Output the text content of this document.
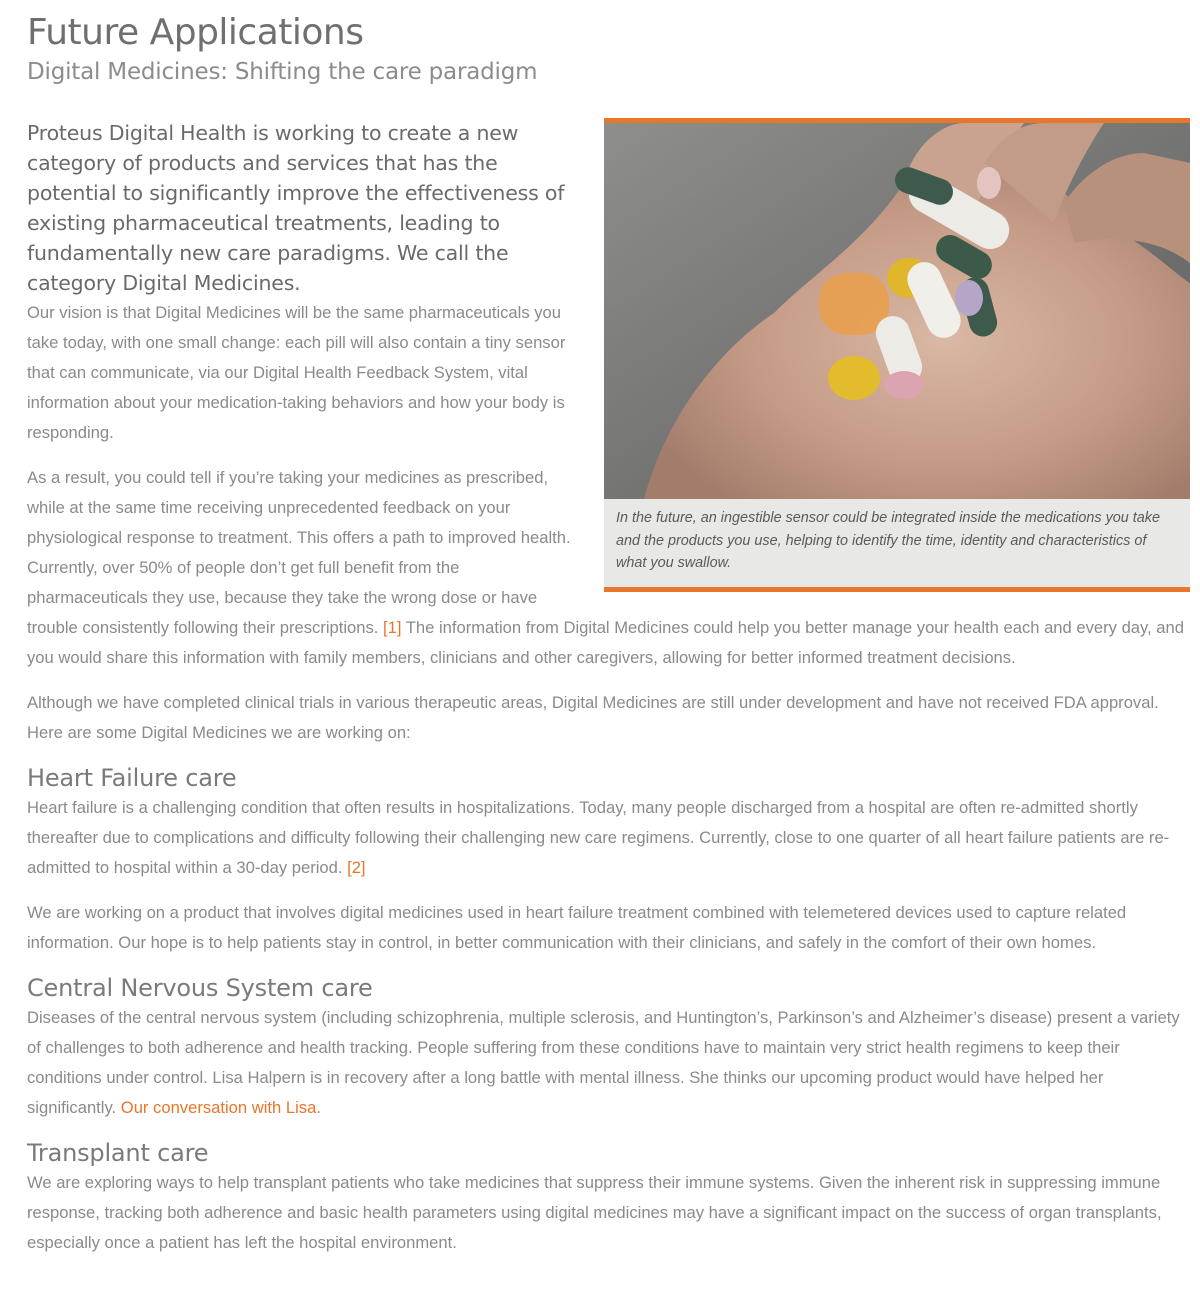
Future Applications
Digital Medicines: Shifting the care paradigm

In the future, an ingestible sensor could be integrated inside the medications you take and the products you use, helping to identify the time, identity and characteristics of what you swallow.

Proteus Digital Health is working to create a new category of products and services that has the potential to significantly improve the effectiveness of existing pharmaceutical treatments, leading to fundamentally new care paradigms. We call the category Digital Medicines.

Our vision is that Digital Medicines will be the same pharmaceuticals you take today, with one small change: each pill will also contain a tiny sensor that can communicate, via our Digital Health Feedback System, vital information about your medication-taking behaviors and how your body is responding.

As a result, you could tell if you’re taking your medicines as prescribed, while at the same time receiving unprecedented feedback on your physiological response to treatment. This offers a path to improved health. Currently, over 50% of people don’t get full benefit from the pharmaceuticals they use, because they take the wrong dose or have trouble consistently following their prescriptions. [1] The information from Digital Medicines could help you better manage your health each and every day, and you would share this information with family members, clinicians and other caregivers, allowing for better informed treatment decisions.

Although we have completed clinical trials in various therapeutic areas, Digital Medicines are still under development and have not received FDA approval. Here are some Digital Medicines we are working on:

Heart Failure care

Heart failure is a challenging condition that often results in hospitalizations. Today, many people discharged from a hospital are often re-admitted shortly thereafter due to complications and difficulty following their challenging new care regimens. Currently, close to one quarter of all heart failure patients are re-admitted to hospital within a 30-day period. [2]

We are working on a product that involves digital medicines used in heart failure treatment combined with telemetered devices used to capture related information. Our hope is to help patients stay in control, in better communication with their clinicians, and safely in the comfort of their own homes.

Central Nervous System care

Diseases of the central nervous system (including schizophrenia, multiple sclerosis, and Huntington’s, Parkinson’s and Alzheimer’s disease) present a variety of challenges to both adherence and health tracking. People suffering from these conditions have to maintain very strict health regimens to keep their conditions under control. Lisa Halpern is in recovery after a long battle with mental illness. She thinks our upcoming product would have helped her significantly. Our conversation with Lisa.

Transplant care

We are exploring ways to help transplant patients who take medicines that suppress their immune systems. Given the inherent risk in suppressing immune response, tracking both adherence and basic health parameters using digital medicines may have a significant impact on the success of organ transplants, especially once a patient has left the hospital environment.
